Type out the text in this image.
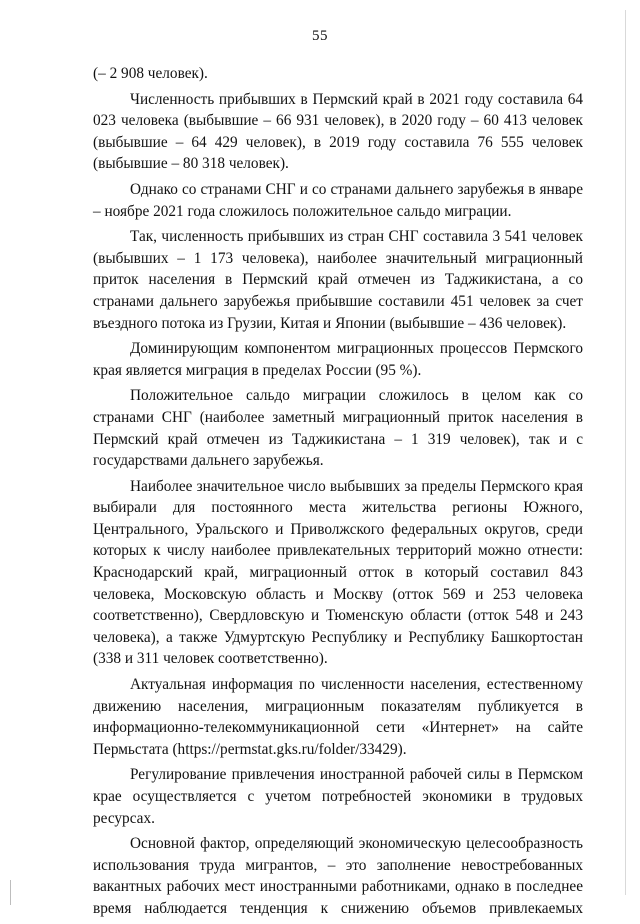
55

(– 2 908 человек).

Численность прибывших в Пермский край в 2021 году составила 64 023 человека (выбывшие – 66 931 человек), в 2020 году – 60 413 человек (выбывшие – 64 429 человек), в 2019 году составила 76 555 человек (выбывшие – 80 318 человек).

Однако со странами СНГ и со странами дальнего зарубежья в январе – ноябре 2021 года сложилось положительное сальдо миграции.

Так, численность прибывших из стран СНГ составила 3 541 человек (выбывших – 1 173 человека), наиболее значительный миграционный приток населения в Пермский край отмечен из Таджикистана, а со странами дальнего зарубежья прибывшие составили 451 человек за счет въездного потока из Грузии, Китая и Японии (выбывшие – 436 человек).

Доминирующим компонентом миграционных процессов Пермского края является миграция в пределах России (95 %).

Положительное сальдо миграции сложилось в целом как со странами СНГ (наиболее заметный миграционный приток населения в Пермский край отмечен из Таджикистана – 1 319 человек), так и с государствами дальнего зарубежья.

Наиболее значительное число выбывших за пределы Пермского края выбирали для постоянного места жительства регионы Южного, Центрального, Уральского и Приволжского федеральных округов, среди которых к числу наиболее привлекательных территорий можно отнести: Краснодарский край, миграционный отток в который составил 843 человека, Московскую область и Москву (отток 569 и 253 человека соответственно), Свердловскую и Тюменскую области (отток 548 и 243 человека), а также Удмуртскую Республику и Республику Башкортостан (338 и 311 человек соответственно).

Актуальная информация по численности населения, естественному движению населения, миграционным показателям публикуется в информационно-телекоммуникационной сети «Интернет» на сайте Пермьстата (https://permstat.gks.ru/folder/33429).

Регулирование привлечения иностранной рабочей силы в Пермском крае осуществляется с учетом потребностей экономики в трудовых ресурсах.

Основной фактор, определяющий экономическую целесообразность использования труда мигрантов, – это заполнение невостребованных вакантных рабочих мест иностранными работниками, однако в последнее время наблюдается тенденция к снижению объемов привлекаемых
